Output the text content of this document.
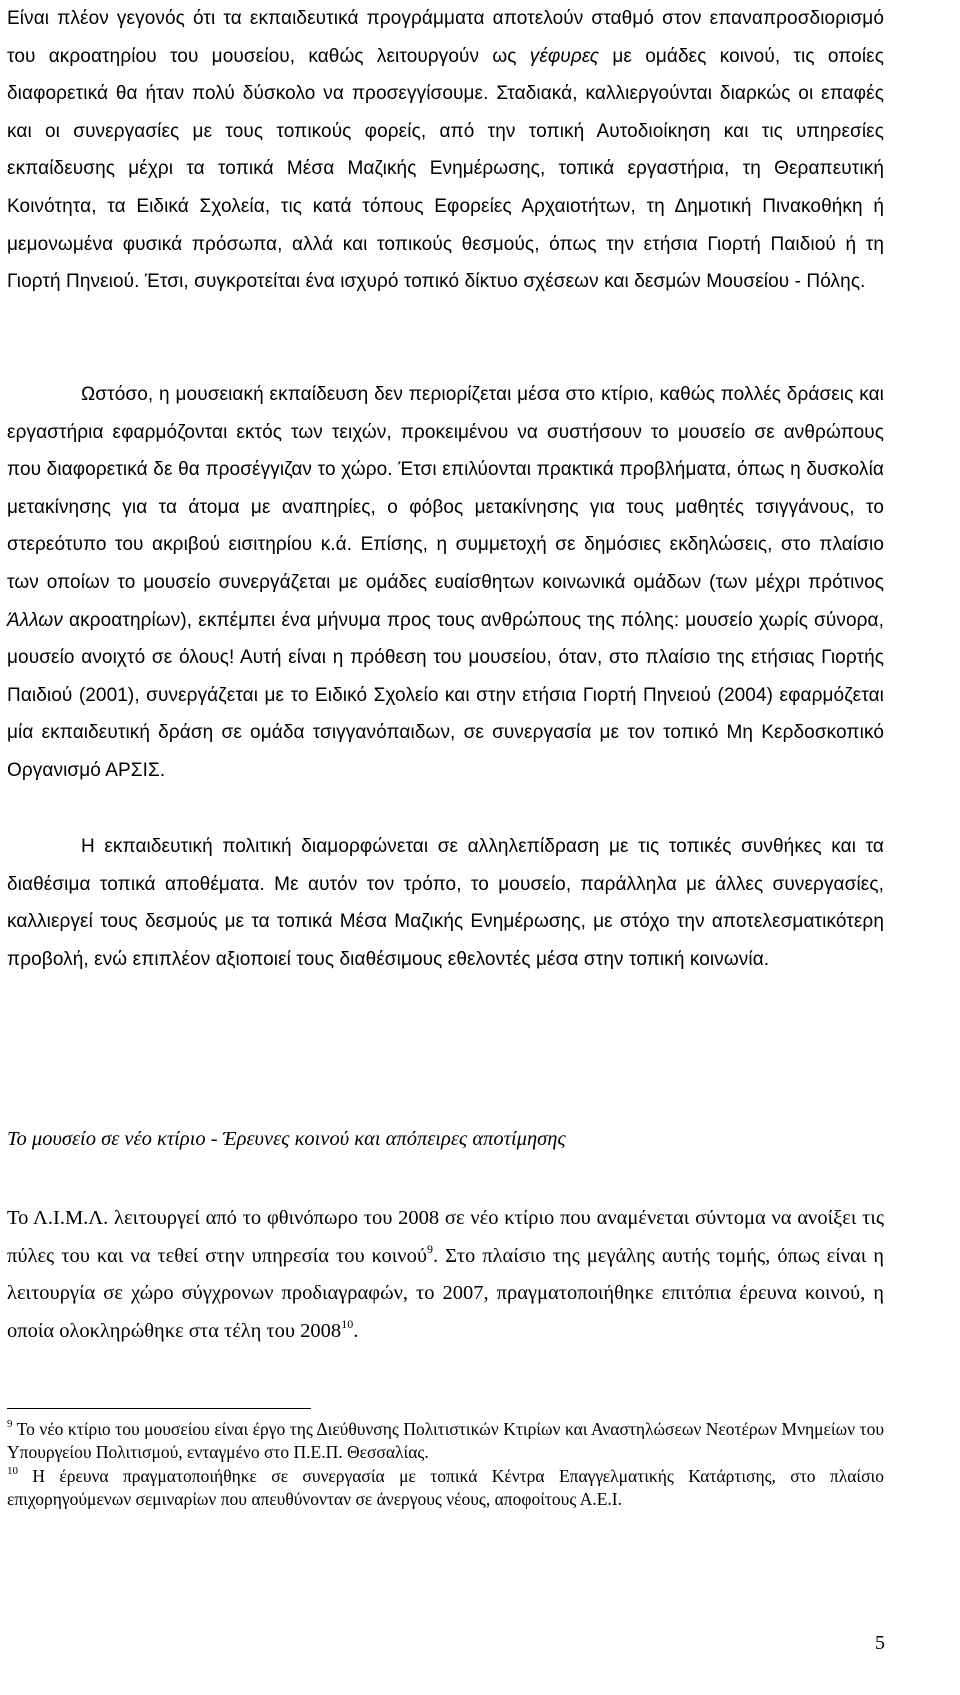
Είναι πλέον γεγονός ότι τα εκπαιδευτικά προγράμματα αποτελούν σταθμό στον επαναπροσδιορισμό του ακροατηρίου του μουσείου, καθώς λειτουργούν ως γέφυρες με ομάδες κοινού, τις οποίες διαφορετικά θα ήταν πολύ δύσκολο να προσεγγίσουμε. Σταδιακά, καλλιεργούνται διαρκώς οι επαφές και οι συνεργασίες με τους τοπικούς φορείς, από την τοπική Αυτοδιοίκηση και τις υπηρεσίες εκπαίδευσης μέχρι τα τοπικά Μέσα Μαζικής Ενημέρωσης, τοπικά εργαστήρια, τη Θεραπευτική Κοινότητα, τα Ειδικά Σχολεία, τις κατά τόπους Εφορείες Αρχαιοτήτων, τη Δημοτική Πινακοθήκη ή μεμονωμένα φυσικά πρόσωπα, αλλά και τοπικούς θεσμούς, όπως την ετήσια Γιορτή Παιδιού ή τη Γιορτή Πηνειού. Έτσι, συγκροτείται ένα ισχυρό τοπικό δίκτυο σχέσεων και δεσμών Μουσείου - Πόλης.

Ωστόσο, η μουσειακή εκπαίδευση δεν περιορίζεται μέσα στο κτίριο, καθώς πολλές δράσεις και εργαστήρια εφαρμόζονται εκτός των τειχών, προκειμένου να συστήσουν το μουσείο σε ανθρώπους που διαφορετικά δε θα προσέγγιζαν το χώρο. Έτσι επιλύονται πρακτικά προβλήματα, όπως η δυσκολία μετακίνησης για τα άτομα με αναπηρίες, ο φόβος μετακίνησης για τους μαθητές τσιγγάνους, το στερεότυπο του ακριβού εισιτηρίου κ.ά. Επίσης, η συμμετοχή σε δημόσιες εκδηλώσεις, στο πλαίσιο των οποίων το μουσείο συνεργάζεται με ομάδες ευαίσθητων κοινωνικά ομάδων (των μέχρι πρότινος Άλλων ακροατηρίων), εκπέμπει ένα μήνυμα προς τους ανθρώπους της πόλης: μουσείο χωρίς σύνορα, μουσείο ανοιχτό σε όλους! Αυτή είναι η πρόθεση του μουσείου, όταν, στο πλαίσιο της ετήσιας Γιορτής Παιδιού (2001), συνεργάζεται με το Ειδικό Σχολείο και στην ετήσια Γιορτή Πηνειού (2004) εφαρμόζεται μία εκπαιδευτική δράση σε ομάδα τσιγγανόπαιδων, σε συνεργασία με τον τοπικό Μη Κερδοσκοπικό Οργανισμό ΑΡΣΙΣ.

Η εκπαιδευτική πολιτική διαμορφώνεται σε αλληλεπίδραση με τις τοπικές συνθήκες και τα διαθέσιμα τοπικά αποθέματα. Με αυτόν τον τρόπο, το μουσείο, παράλληλα με άλλες συνεργασίες, καλλιεργεί τους δεσμούς με τα τοπικά Μέσα Μαζικής Ενημέρωσης, με στόχο την αποτελεσματικότερη προβολή, ενώ επιπλέον αξιοποιεί τους διαθέσιμους εθελοντές μέσα στην τοπική κοινωνία.

Το μουσείο σε νέο κτίριο - Έρευνες κοινού και απόπειρες αποτίμησης

Το Λ.Ι.Μ.Λ. λειτουργεί από το φθινόπωρο του 2008 σε νέο κτίριο που αναμένεται σύντομα να ανοίξει τις πύλες του και να τεθεί στην υπηρεσία του κοινού$^9$. Στο πλαίσιο της μεγάλης αυτής τομής, όπως είναι η λειτουργία σε χώρο σύγχρονων προδιαγραφών, το 2007, πραγματοποιήθηκε επιτόπια έρευνα κοινού, η οποία ολοκληρώθηκε στα τέλη του 2008$^{10}$.

$^9$ Το νέο κτίριο του μουσείου είναι έργο της Διεύθυνσης Πολιτιστικών Κτιρίων και Αναστηλώσεων Νεοτέρων Μνημείων του Υπουργείου Πολιτισμού, ενταγμένο στο Π.Ε.Π. Θεσσαλίας.

$^{10}$ Η έρευνα πραγματοποιήθηκε σε συνεργασία με τοπικά Κέντρα Επαγγελματικής Κατάρτισης, στο πλαίσιο επιχορηγούμενων σεμιναρίων που απευθύνονταν σε άνεργους νέους, αποφοίτους Α.Ε.Ι.

5
